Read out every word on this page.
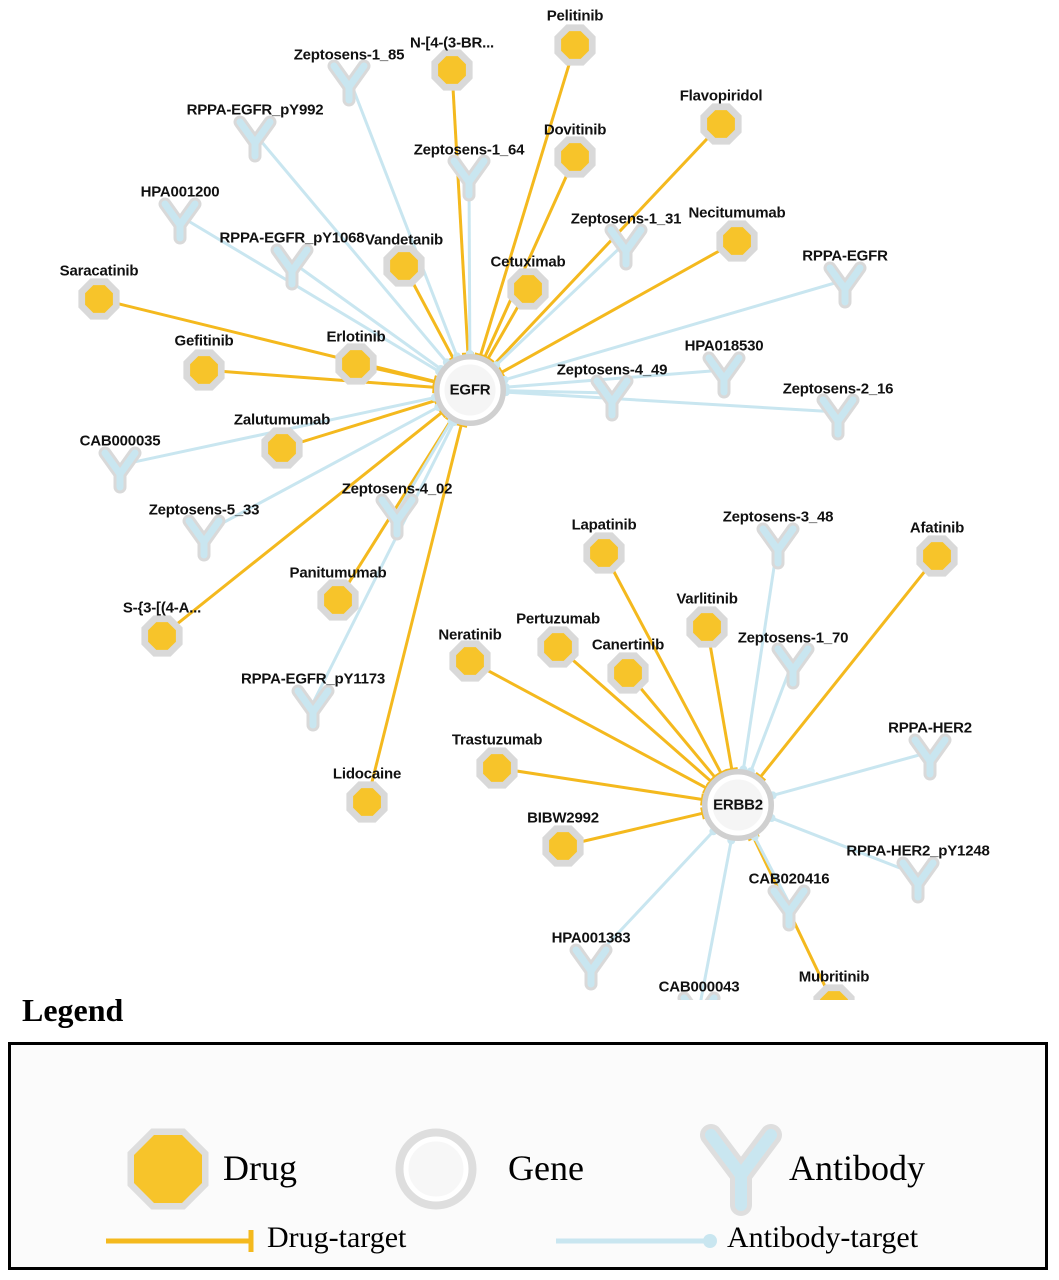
Zeptosens-1_85
RPPA-EGFR_pY992
Zeptosens-1_64
HPA001200
Zeptosens-1_31
RPPA-EGFR_pY1068
RPPA-EGFR
HPA018530
Zeptosens-4_49
Zeptosens-2_16
CAB000035
Zeptosens-4_02
Zeptosens-5_33	Zeptosens-3_48
Zeptosens-1_70
RPPA-EGFR_pY1173
RPPA-HER2
RPPA-HER2_pY1248
CAB020416
HPA001383
CAB000043
Pelitinib
N-[4-(3-BR...
Flavopiridol
Dovitinib
Necitumumab
Vandetanib
Cetuximab
Saracatinib
Erlotinib
Gefitinib
Zalutumumab
Afatinib
Lapatinib
Varlitinib
Pertuzumab
Canertinib
Neratinib
Panitumumab
S-{3-[(4-A...
Trastuzumab
Lidocaine
BIBW2992
Mubritinib
EGFR
ERBB2
Legend
Drug	Gene	Antibody
Drug-target	Antibody-target
